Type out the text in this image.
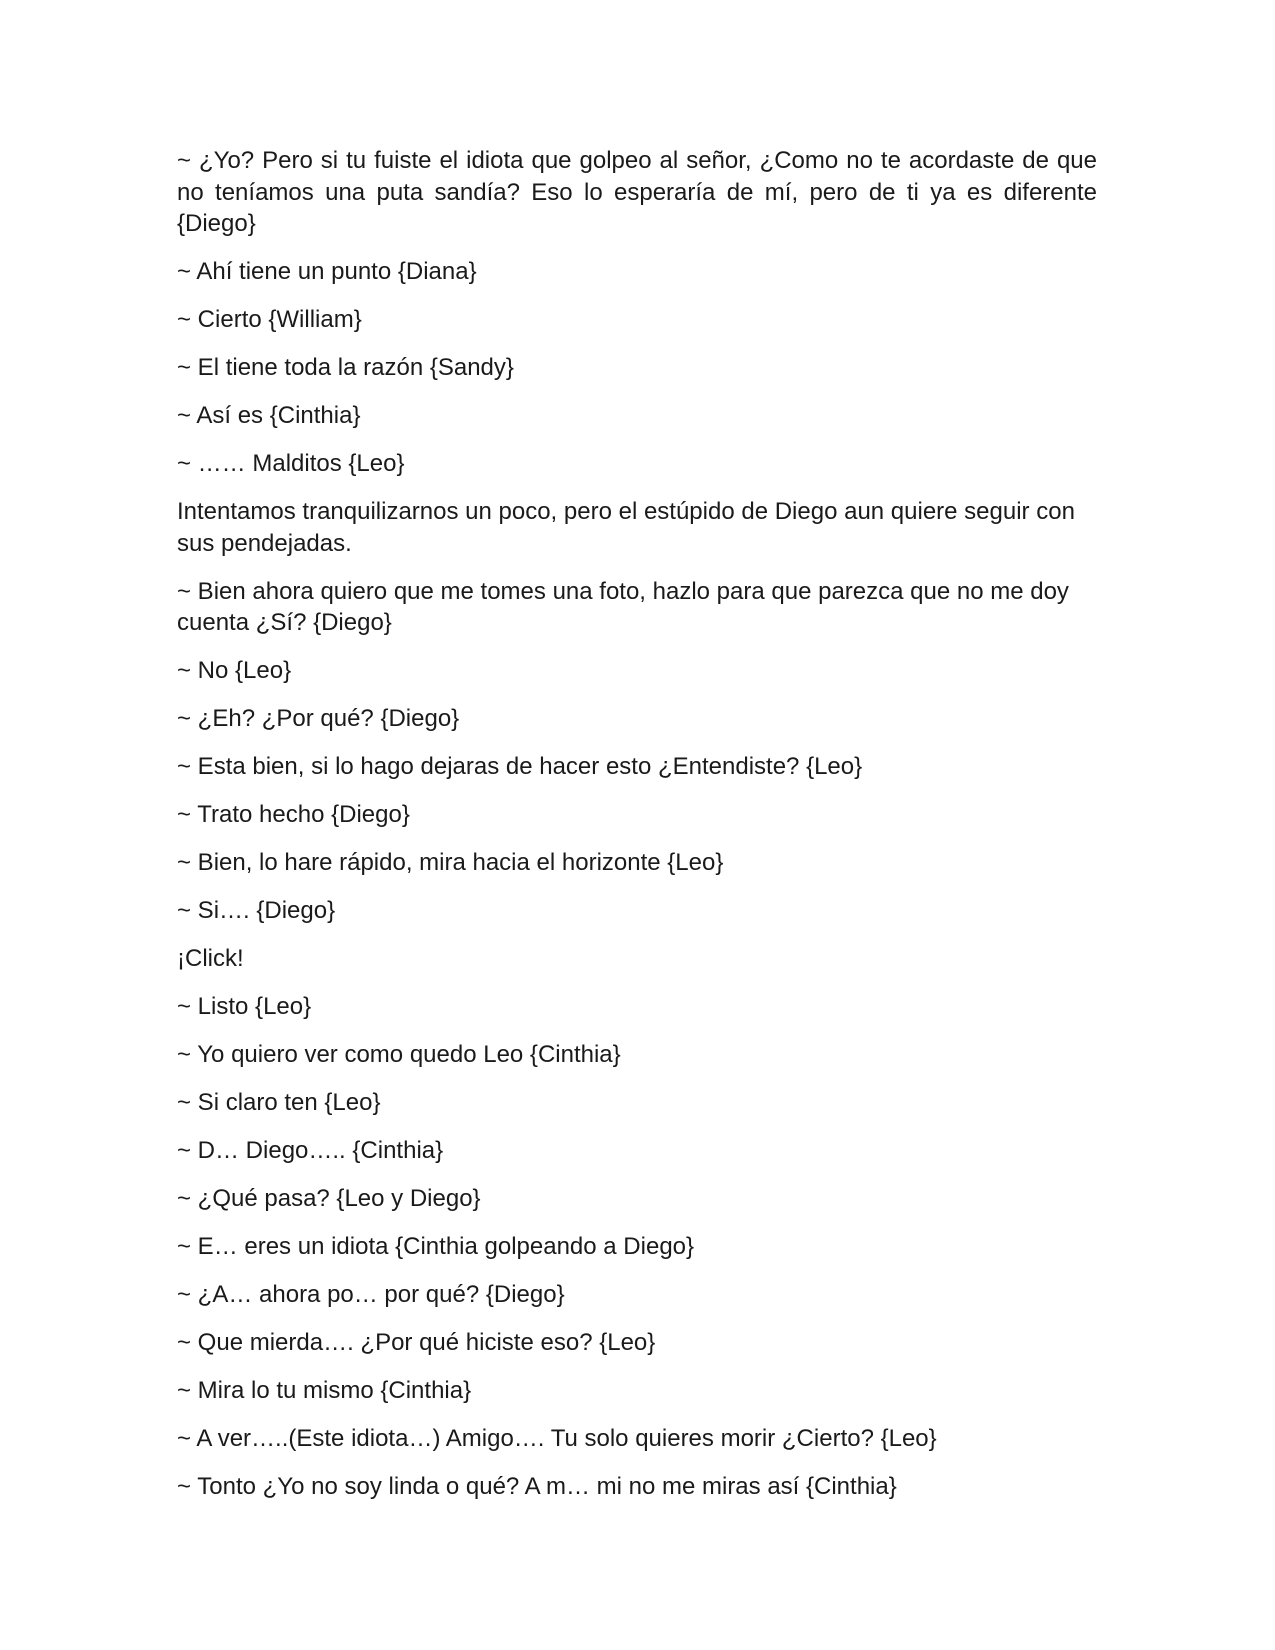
~ ¿Yo? Pero si tu fuiste el idiota que golpeo al señor, ¿Como no te acordaste de que no teníamos una puta sandía? Eso lo esperaría de mí, pero de ti ya es diferente {Diego}

~ Ahí tiene un punto {Diana}

~ Cierto {William}

~ El tiene toda la razón {Sandy}

~ Así es {Cinthia}

~ …… Malditos {Leo}

Intentamos tranquilizarnos un poco, pero el estúpido de Diego aun quiere seguir con sus pendejadas.

~ Bien ahora quiero que me tomes una foto, hazlo para que parezca que no me doy cuenta ¿Sí? {Diego}

~ No {Leo}

~ ¿Eh? ¿Por qué? {Diego}

~ Esta bien, si lo hago dejaras de hacer esto ¿Entendiste? {Leo}

~ Trato hecho {Diego}

~ Bien, lo hare rápido, mira hacia el horizonte {Leo}

~ Si…. {Diego}

¡Click!

~ Listo {Leo}

~ Yo quiero ver como quedo Leo {Cinthia}

~ Si claro ten {Leo}

~ D… Diego….. {Cinthia}

~ ¿Qué pasa? {Leo y Diego}

~ E… eres un idiota {Cinthia golpeando a Diego}

~ ¿A… ahora po… por qué? {Diego}

~ Que mierda…. ¿Por qué hiciste eso? {Leo}

~ Mira lo tu mismo {Cinthia}

~ A ver…..(Este idiota…) Amigo…. Tu solo quieres morir ¿Cierto? {Leo}

~ Tonto ¿Yo no soy linda o qué? A m… mi no me miras así {Cinthia}
